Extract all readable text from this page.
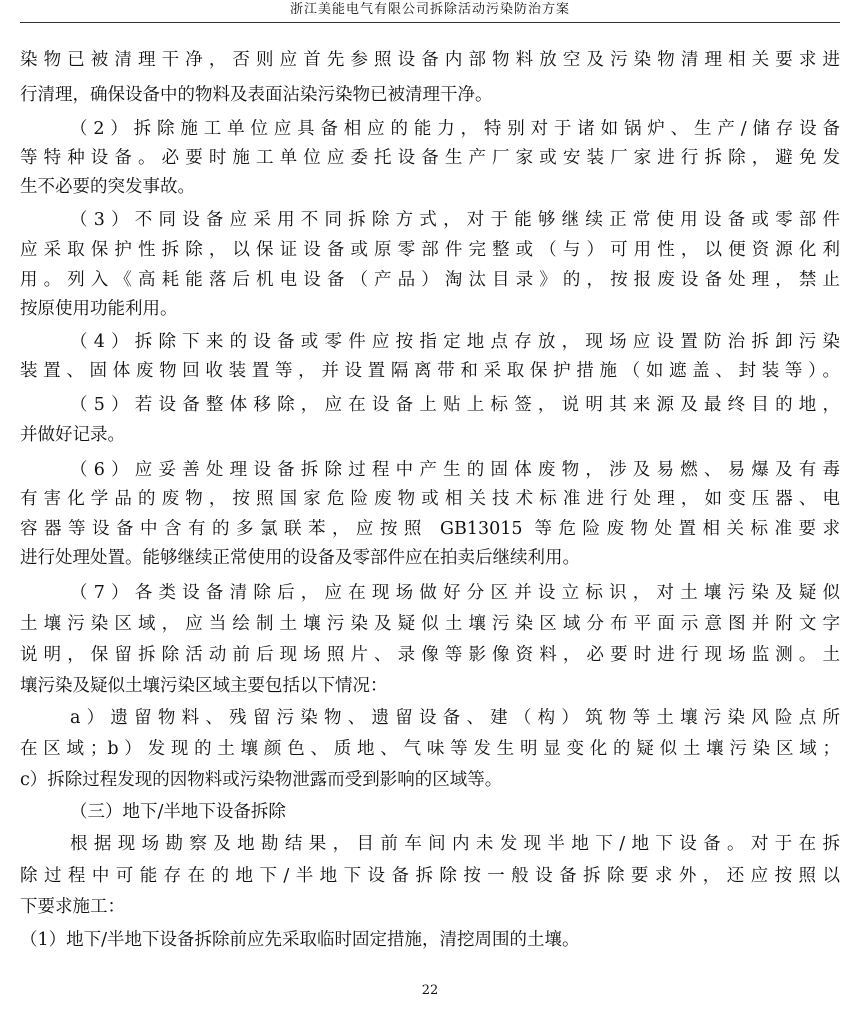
浙江美能电气有限公司拆除活动污染防治方案
染物已被清理干净，否则应首先参照设备内部物料放空及污染物清理相关要求进
行清理，确保设备中的物料及表面沾染污染物已被清理干净。
（2）拆除施工单位应具备相应的能力，特别对于诸如锅炉、生产/储存设备
等特种设备。必要时施工单位应委托设备生产厂家或安装厂家进行拆除，避免发
生不必要的突发事故。
（3）不同设备应采用不同拆除方式，对于能够继续正常使用设备或零部件
应采取保护性拆除，以保证设备或原零部件完整或（与）可用性，以便资源化利
用。列入《高耗能落后机电设备（产品）淘汰目录》的，按报废设备处理，禁止
按原使用功能利用。
（4）拆除下来的设备或零件应按指定地点存放，现场应设置防治拆卸污染
装置、固体废物回收装置等，并设置隔离带和采取保护措施（如遮盖、封装等）。
（5）若设备整体移除，应在设备上贴上标签，说明其来源及最终目的地，
并做好记录。
（6）应妥善处理设备拆除过程中产生的固体废物，涉及易燃、易爆及有毒
有害化学品的废物，按照国家危险废物或相关技术标准进行处理，如变压器、电
容器等设备中含有的多氯联苯，应按照 GB13015 等危险废物处置相关标准要求
进行处理处置。能够继续正常使用的设备及零部件应在拍卖后继续利用。
（7）各类设备清除后，应在现场做好分区并设立标识，对土壤污染及疑似
土壤污染区域，应当绘制土壤污染及疑似土壤污染区域分布平面示意图并附文字
说明，保留拆除活动前后现场照片、录像等影像资料，必要时进行现场监测。土
壤污染及疑似土壤污染区域主要包括以下情况：
a）遗留物料、残留污染物、遗留设备、建（构）筑物等土壤污染风险点所
在区域；b）发现的土壤颜色、质地、气味等发生明显变化的疑似土壤污染区域；
c）拆除过程发现的因物料或污染物泄露而受到影响的区域等。
（三）地下/半地下设备拆除
根据现场勘察及地勘结果，目前车间内未发现半地下/地下设备。对于在拆
除过程中可能存在的地下/半地下设备拆除按一般设备拆除要求外，还应按照以
下要求施工：
（1）地下/半地下设备拆除前应先采取临时固定措施，清挖周围的土壤。
22
